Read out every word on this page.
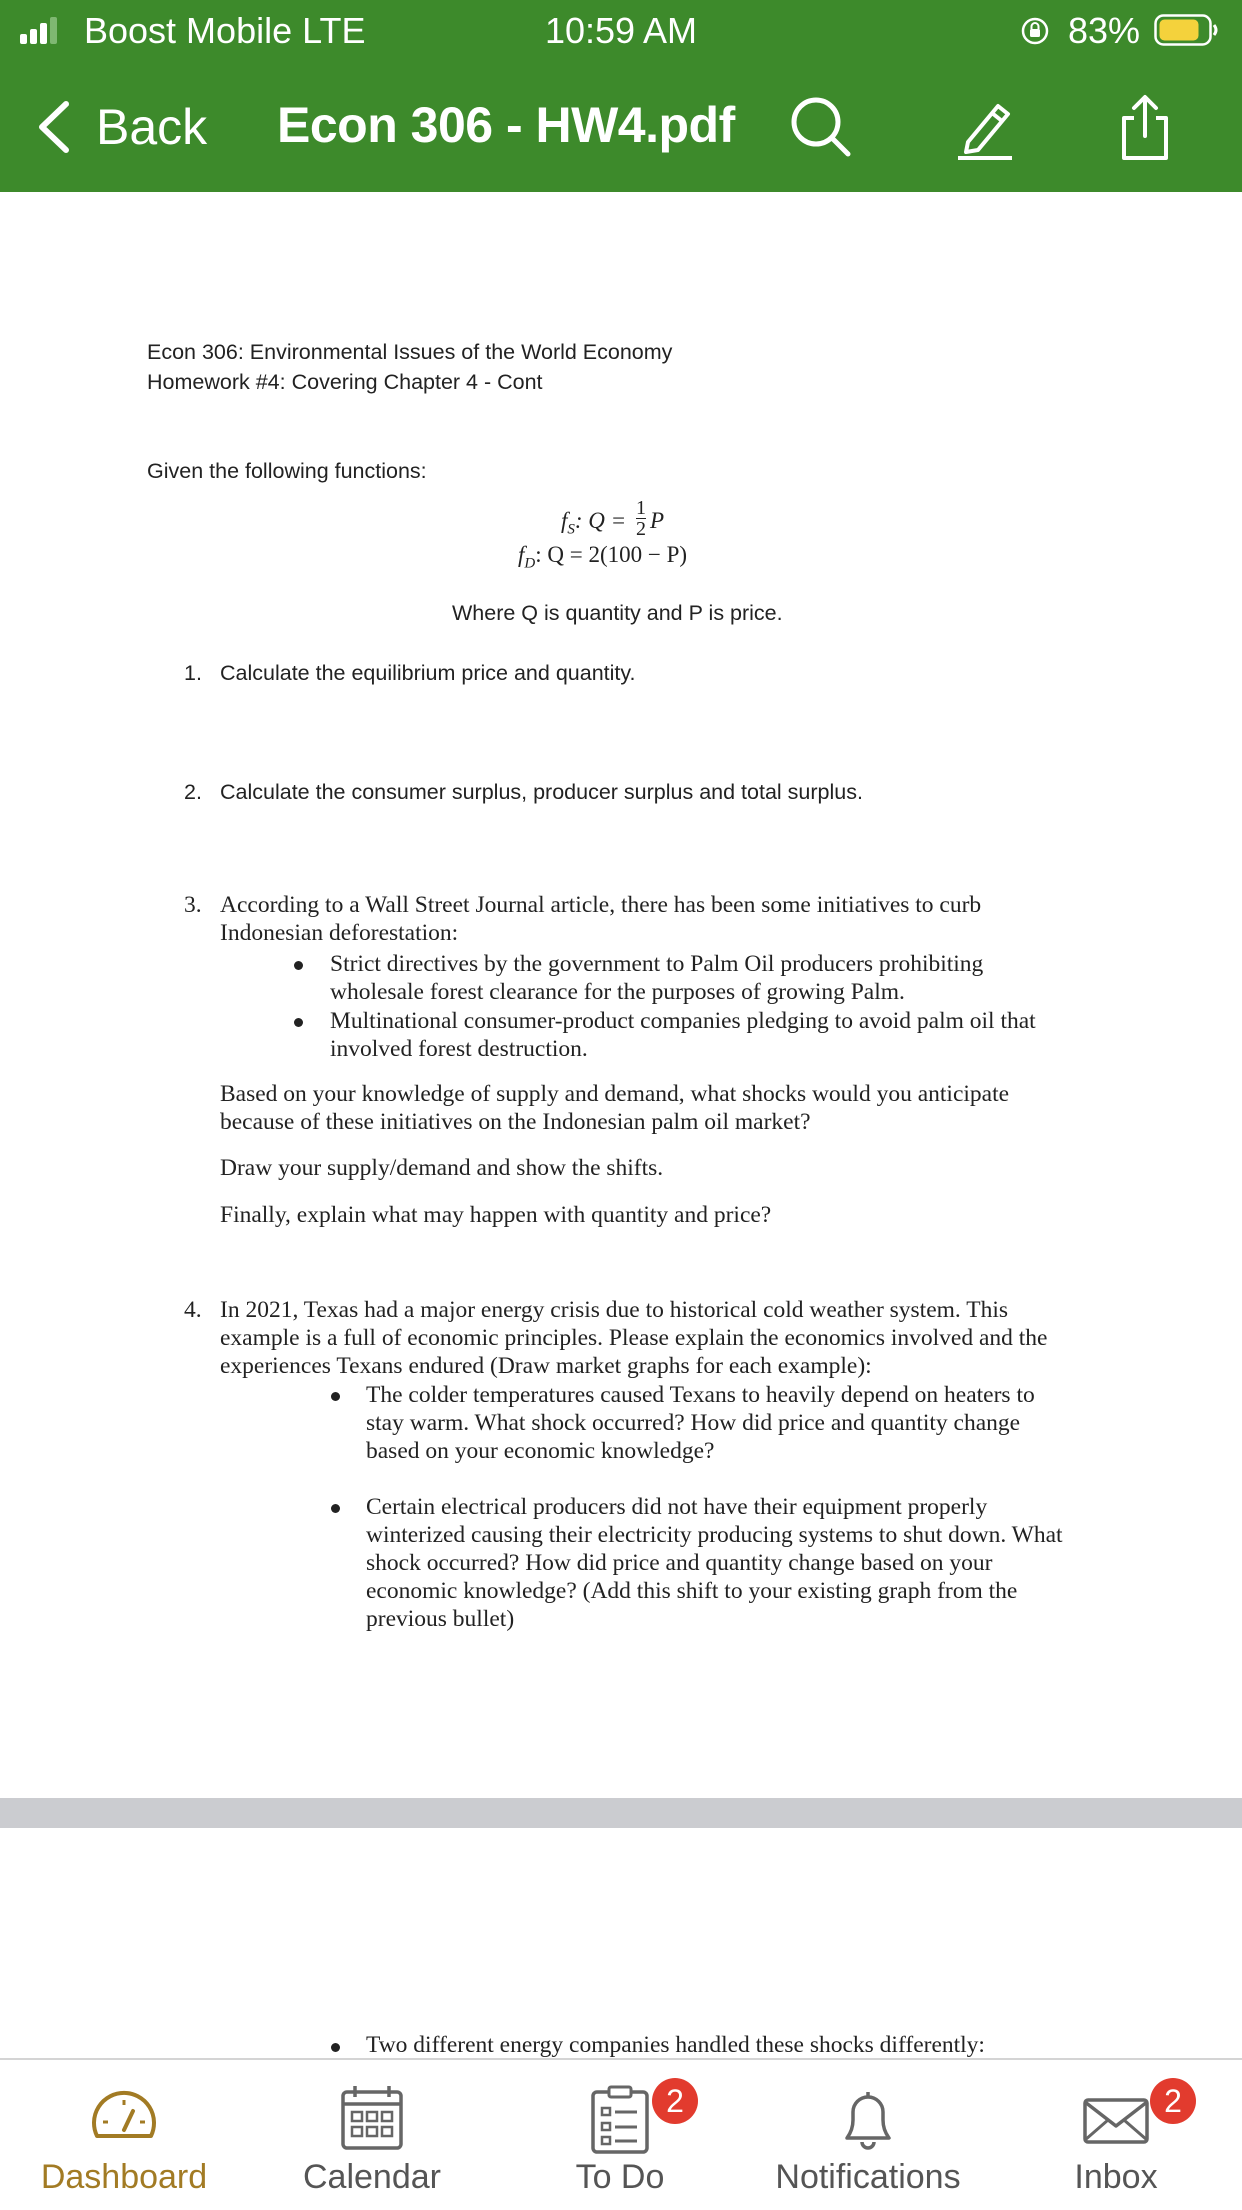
Boost Mobile LTE	10:59 AM	83%
Back Econ 306 - HW4.pdf
Econ 306: Environmental Issues of the World Economy
Homework #4: Covering Chapter 4 - Cont
Given the following functions:
$f_S$: $Q = \frac{1}{2}$ P
$f_D$: Q = 2(100 − P)
Where Q is quantity and P is price.
1. Calculate the equilibrium price and quantity.
2. Calculate the consumer surplus, producer surplus and total surplus.
3. According to a Wall Street Journal article, there has been some initiatives to curb
Indonesian deforestation:
Strict directives by the government to Palm Oil producers prohibiting
wholesale forest clearance for the purposes of growing Palm.
Multinational consumer-product companies pledging to avoid palm oil that
involved forest destruction.
Based on your knowledge of supply and demand, what shocks would you anticipate
because of these initiatives on the Indonesian palm oil market?
Draw your supply/demand and show the shifts.
Finally, explain what may happen with quantity and price?
4. In 2021, Texas had a major energy crisis due to historical cold weather system. This
example is a full of economic principles. Please explain the economics involved and the
experiences Texans endured (Draw market graphs for each example):
The colder temperatures caused Texans to heavily depend on heaters to
stay warm. What shock occurred? How did price and quantity change
based on your economic knowledge?
Certain electrical producers did not have their equipment properly
winterized causing their electricity producing systems to shut down. What
shock occurred? How did price and quantity change based on your
economic knowledge? (Add this shift to your existing graph from the
previous bullet)
Two different energy companies handled these shocks differently:
Dashboard	Calendar
2
To Do	Notifications
2
Inbox
